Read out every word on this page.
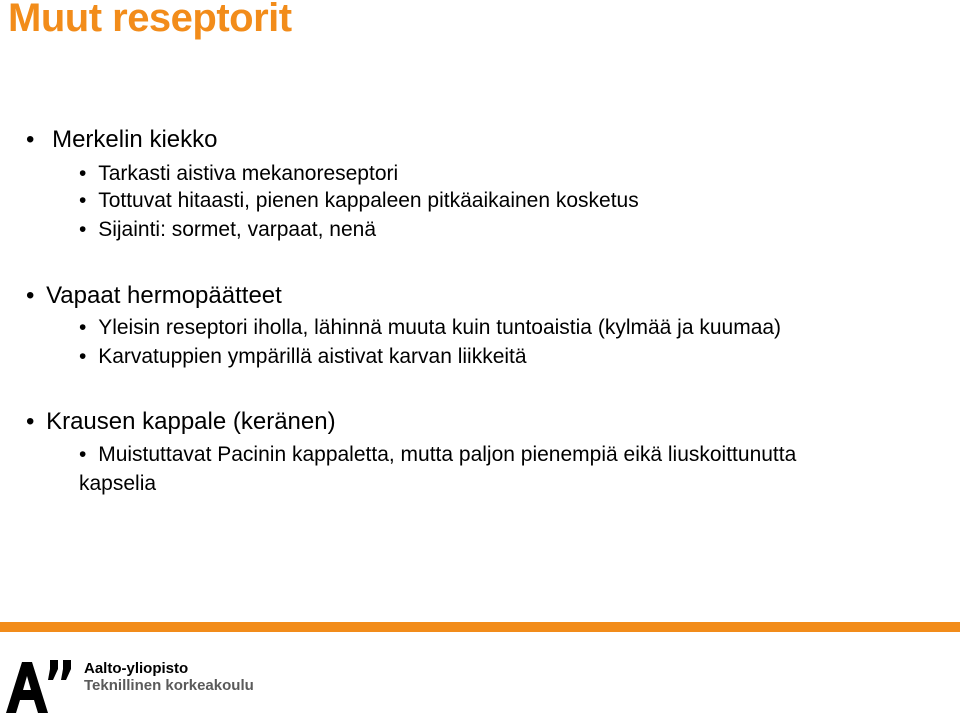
Muut reseptorit
• Merkelin kiekko
• Tarkasti aistiva mekanoreseptori
• Tottuvat hitaasti, pienen kappaleen pitkäaikainen kosketus
• Sijainti: sormet, varpaat, nenä
• Vapaat hermopäätteet
• Yleisin reseptori iholla, lähinnä muuta kuin tuntoaistia (kylmää ja kuumaa)
• Karvatuppien ympärillä aistivat karvan liikkeitä
• Krausen kappale (keränen)
• Muistuttavat Pacinin kappaletta, mutta paljon pienempiä eikä liuskoittunutta
kapselia
Aalto-yliopisto
Teknillinen korkeakoulu
